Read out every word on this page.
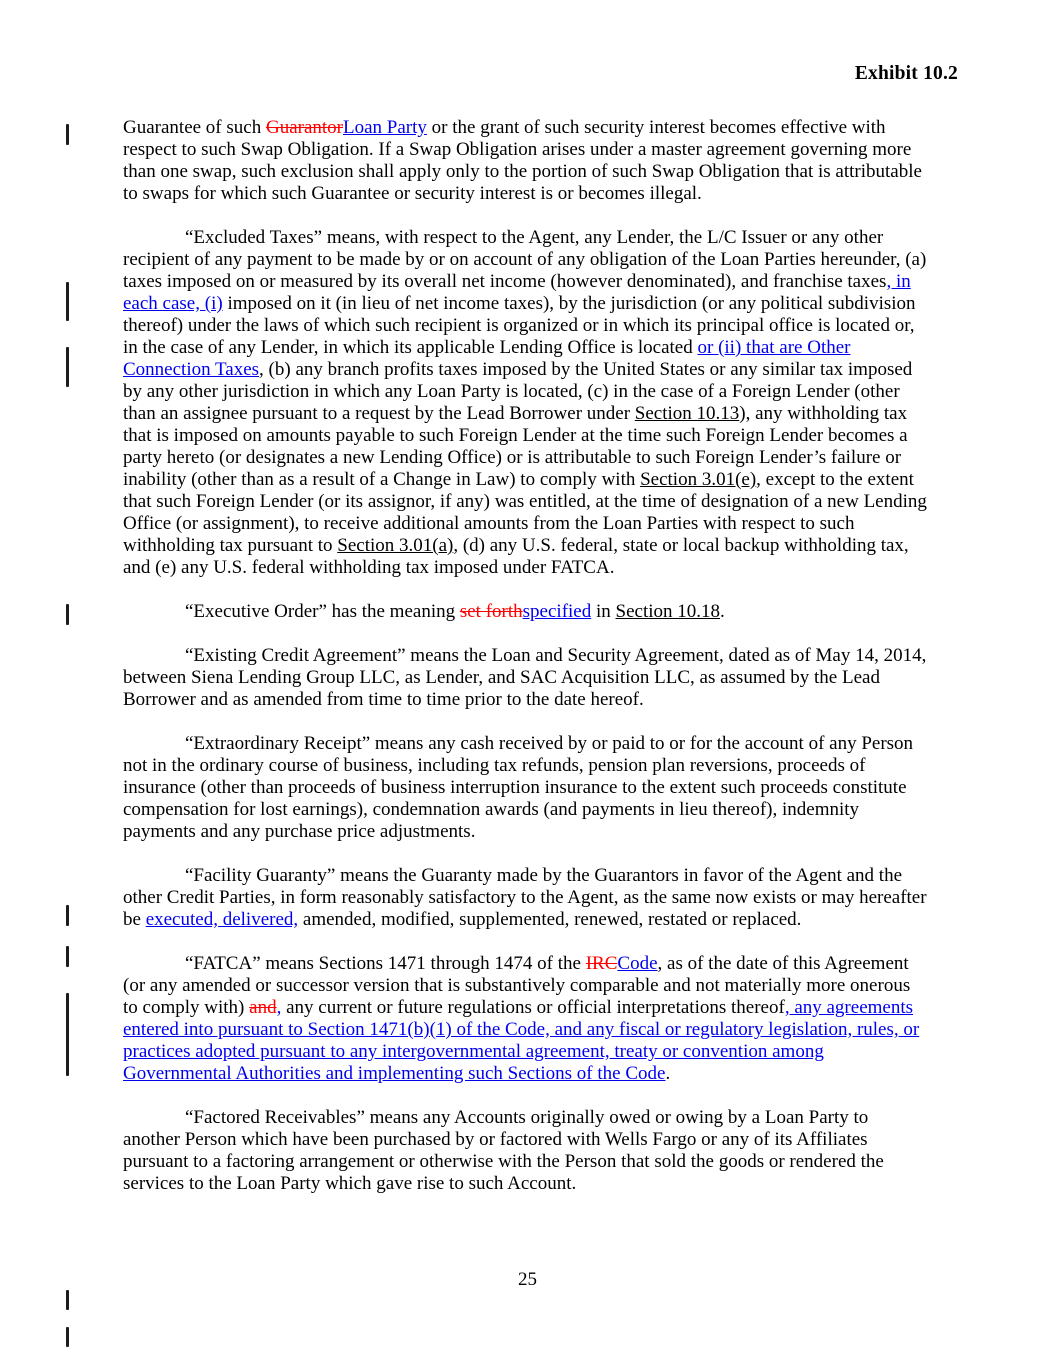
Exhibit 10.2

Guarantee of such GuarantorLoan Party or the grant of such security interest becomes effective with respect to such Swap Obligation. If a Swap Obligation arises under a master agreement governing more than one swap, such exclusion shall apply only to the portion of such Swap Obligation that is attributable to swaps for which such Guarantee or security interest is or becomes illegal.

“Excluded Taxes” means, with respect to the Agent, any Lender, the L/C Issuer or any other recipient of any payment to be made by or on account of any obligation of the Loan Parties hereunder, (a) taxes imposed on or measured by its overall net income (however denominated), and franchise taxes, in each case, (i) imposed on it (in lieu of net income taxes), by the jurisdiction (or any political subdivision thereof) under the laws of which such recipient is organized or in which its principal office is located or, in the case of any Lender, in which its applicable Lending Office is located or (ii) that are Other Connection Taxes, (b) any branch profits taxes imposed by the United States or any similar tax imposed by any other jurisdiction in which any Loan Party is located, (c) in the case of a Foreign Lender (other than an assignee pursuant to a request by the Lead Borrower under Section 10.13), any withholding tax that is imposed on amounts payable to such Foreign Lender at the time such Foreign Lender becomes a party hereto (or designates a new Lending Office) or is attributable to such Foreign Lender’s failure or inability (other than as a result of a Change in Law) to comply with Section 3.01(e), except to the extent that such Foreign Lender (or its assignor, if any) was entitled, at the time of designation of a new Lending Office (or assignment), to receive additional amounts from the Loan Parties with respect to such withholding tax pursuant to Section 3.01(a), (d) any U.S. federal, state or local backup withholding tax, and (e) any U.S. federal withholding tax imposed under FATCA.

“Executive Order” has the meaning set forthspecified in Section 10.18.

“Existing Credit Agreement” means the Loan and Security Agreement, dated as of May 14, 2014, between Siena Lending Group LLC, as Lender, and SAC Acquisition LLC, as assumed by the Lead Borrower and as amended from time to time prior to the date hereof.

“Extraordinary Receipt” means any cash received by or paid to or for the account of any Person not in the ordinary course of business, including tax refunds, pension plan reversions, proceeds of insurance (other than proceeds of business interruption insurance to the extent such proceeds constitute compensation for lost earnings), condemnation awards (and payments in lieu thereof), indemnity payments and any purchase price adjustments.

“Facility Guaranty” means the Guaranty made by the Guarantors in favor of the Agent and the other Credit Parties, in form reasonably satisfactory to the Agent, as the same now exists or may hereafter be executed, delivered, amended, modified, supplemented, renewed, restated or replaced.

“FATCA” means Sections 1471 through 1474 of the IRCCode, as of the date of this Agreement (or any amended or successor version that is substantively comparable and not materially more onerous to comply with) and, any current or future regulations or official interpretations thereof, any agreements entered into pursuant to Section 1471(b)(1) of the Code, and any fiscal or regulatory legislation, rules, or practices adopted pursuant to any intergovernmental agreement, treaty or convention among Governmental Authorities and implementing such Sections of the Code.

“Factored Receivables” means any Accounts originally owed or owing by a Loan Party to another Person which have been purchased by or factored with Wells Fargo or any of its Affiliates pursuant to a factoring arrangement or otherwise with the Person that sold the goods or rendered the services to the Loan Party which gave rise to such Account.

25
